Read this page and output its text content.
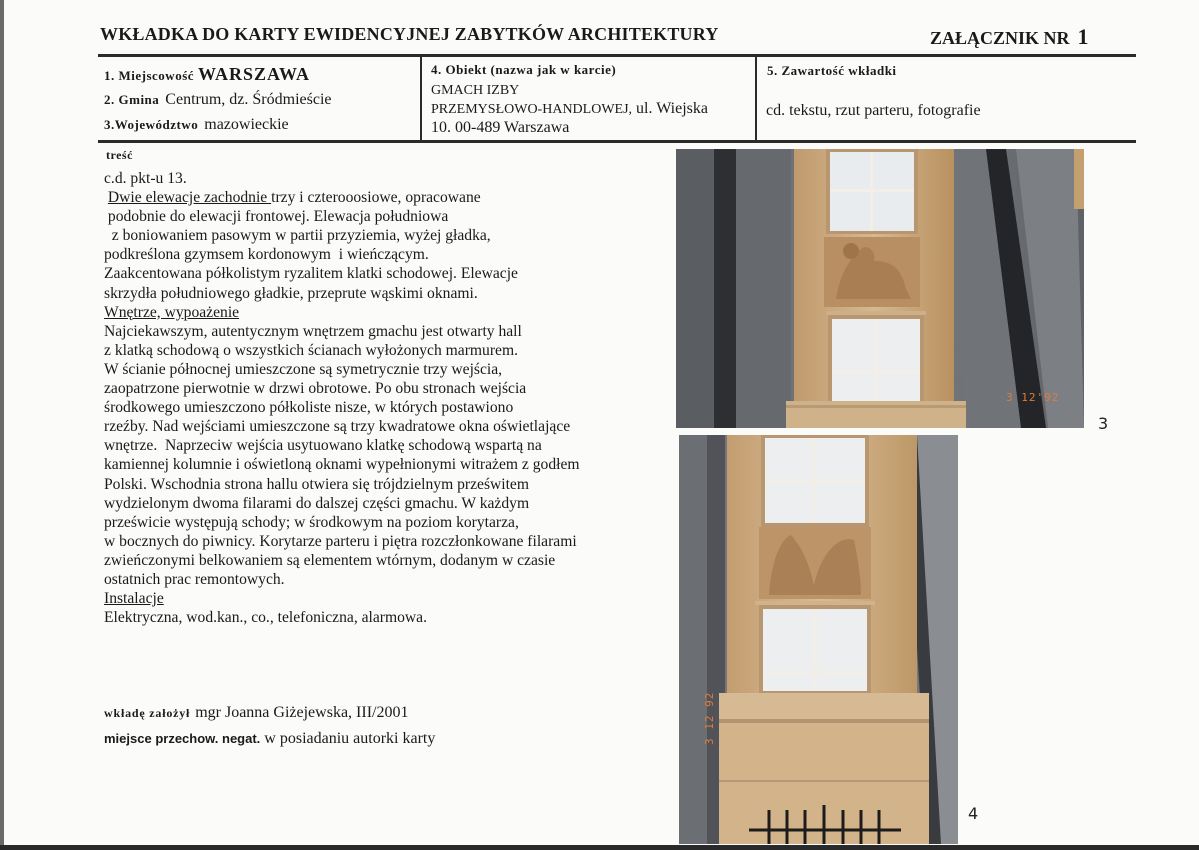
WKŁADKA DO KARTY EWIDENCYJNEJ ZABYTKÓW ARCHITEKTURY	ZAŁĄCZNIK NR 1
1. Miejscowość WARSZAWA
2. Gmina Centrum, dz. Śródmieście
3.Województwo mazowieckie
4. Obiekt (nazwa jak w karcie)
GMACH IZBY
PRZEMYSŁOWO-HANDLOWEJ, ul. Wiejska
10. 00-489 Warszawa
5. Zawartość wkładki
cd. tekstu, rzut parteru, fotografie
treść
c.d. pkt-u 13.
Dwie elewacje zachodnie trzy i czterooosiowe, opracowane
podobnie do elewacji frontowej. Elewacja południowa
z boniowaniem pasowym w partii przyziemia, wyżej gładka,
podkreślona gzymsem kordonowym  i wieńczącym.
Zaakcentowana półkolistym ryzalitem klatki schodowej. Elewacje
skrzydła południowego gładkie, przeprute wąskimi oknami.
Wnętrze, wypoażenie
Najciekawszym, autentycznym wnętrzem gmachu jest otwarty hall
z klatką schodową o wszystkich ścianach wyłożonych marmurem.
W ścianie północnej umieszczone są symetrycznie trzy wejścia,
zaopatrzone pierwotnie w drzwi obrotowe. Po obu stronach wejścia
środkowego umieszczono półkoliste nisze, w których postawiono
rzeźby. Nad wejściami umieszczone są trzy kwadratowe okna oświetlające
wnętrze.  Naprzeciw wejścia usytuowano klatkę schodową wspartą na
kamiennej kolumnie i oświetloną oknami wypełnionymi witrażem z godłem
Polski. Wschodnia strona hallu otwiera się trójdzielnym prześwitem
wydzielonym dwoma filarami do dalszej części gmachu. W każdym
prześwicie występują schody; w środkowym na poziom korytarza,
w bocznych do piwnicy. Korytarze parteru i piętra rozczłonkowane filarami
zwieńczonymi belkowaniem są elementem wtórnym, dodanym w czasie
ostatnich prac remontowych.
Instalacje
Elektryczna, wod.kan., co., telefoniczna, alarmowa.
wkładę założył mgr Joanna Giżejewska, III/2001
miejsce przechow. negat. w posiadaniu autorki karty
3 12'92
3
3 12 92
4
